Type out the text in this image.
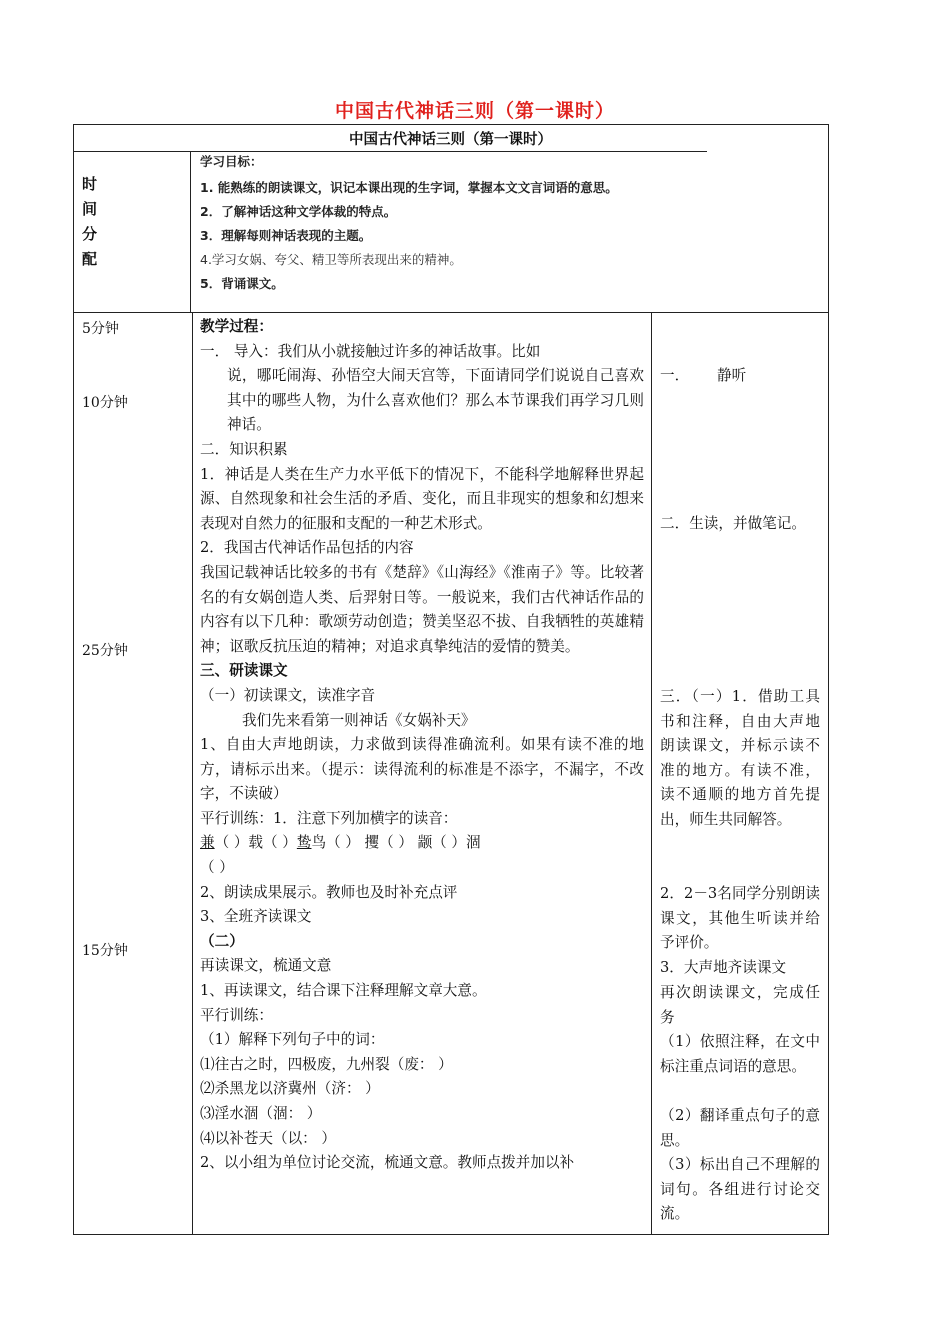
中国古代神话三则（第一课时）
中国古代神话三则（第一课时）
时
间
分
配
学习目标：
1. 能熟练的朗读课文，识记本课出现的生字词，掌握本文文言词语的意思。
2．了解神话这种文学体裁的特点。
3．理解每则神话表现的主题。
4.学习女娲、夸父、精卫等所表现出来的精神。
5．背诵课文。
5分钟
10分钟
25分钟
15分钟
教学过程：
一． 导入：我们从小就接触过许多的神话故事。比如
说，哪吒闹海、孙悟空大闹天宫等，下面请同学们说说自己喜欢其中的哪些人物，为什么喜欢他们？那么本节课我们再学习几则神话。
二．知识积累
1．神话是人类在生产力水平低下的情况下，不能科学地解释世界起源、自然现象和社会生活的矛盾、变化，而且非现实的想象和幻想来表现对自然力的征服和支配的一种艺术形式。
2．我国古代神话作品包括的内容
我国记载神话比较多的书有《楚辞》《山海经》《淮南子》等。比较著名的有女娲创造人类、后羿射日等。一般说来，我们古代神话作品的内容有以下几种：歌颂劳动创造；赞美坚忍不拔、自我牺牲的英雄精神；讴歌反抗压迫的精神；对追求真挚纯洁的爱情的赞美。
三、研读课文
（一）初读课文，读准字音
我们先来看第一则神话《女娲补天》
1、自由大声地朗读，力求做到读得准确流利。如果有读不准的地方，请标示出来。（提示：读得流利的标准是不添字，不漏字，不改字，不读破）
平行训练：1．注意下列加横字的读音：
兼（ ）载（ ）鸷鸟（ ） 攫（ ） 颛（ ）涸
（ ）
2、朗读成果展示。教师也及时补充点评
3、全班齐读课文
（二）
再读课文，梳通文意
1、再读课文，结合课下注释理解文章大意。
平行训练：
（1）解释下列句子中的词：
⑴往古之时，四极废，九州裂（废： ）
⑵杀黑龙以济冀州（济： ）
⑶淫水涸（涸： ）
⑷以补苍天（以： ）
2、以小组为单位讨论交流，梳通文意。教师点拨并加以补
一．      静听
二．生读，并做笔记。
三．（一）1．借助工具书和注释，自由大声地朗读课文，并标示读不准的地方。有读不准，读不通顺的地方首先提出，师生共同解答。
2．2－3名同学分别朗读课文，其他生听读并给予评价。
3．大声地齐读课文
再次朗读课文，完成任务
（1）依照注释，在文中标注重点词语的意思。
（2）翻译重点句子的意思。
（3）标出自己不理解的词句。各组进行讨论交流。
